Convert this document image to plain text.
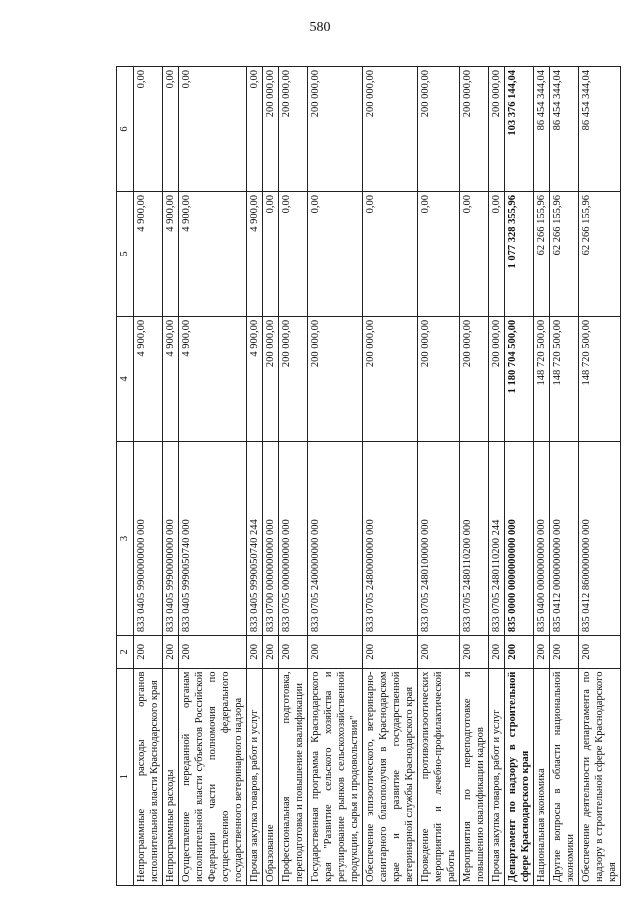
580
1	2	3	4	5	6
Непрограммные расходы органов исполнительной власти Краснодарского края	200	833 0405 9900000000 000	4 900,00	4 900,00	0,00
Непрограммные расходы	200	833 0405 9990000000 000	4 900,00	4 900,00	0,00
Осуществление переданной органам исполнительной власти субъектов Российской Федерации части полномочия по осуществлению федерального государственного ветеринарного надзора	200	833 0405 9990050740 000	4 900,00	4 900,00	0,00
Прочая закупка товаров, работ и услуг	200	833 0405 9990050740 244	4 900,00	4 900,00	0,00
Образование	200	833 0700 0000000000 000	200 000,00	0,00	200 000,00
Профессиональная подготовка, переподготовка и повышение квалификации	200	833 0705 0000000000 000	200 000,00	0,00	200 000,00
Государственная программа Краснодарского края "Развитие сельского хозяйства и регулирование рынков сельскохозяйственной продукции, сырья и продовольствия"	200	833 0705 2400000000 000	200 000,00	0,00	200 000,00
Обеспечение эпизоотического, ветеринарно-санитарного благополучия в Краснодарском крае и развитие государственной ветеринарной службы Краснодарского края	200	833 0705 2480000000 000	200 000,00	0,00	200 000,00
Проведение противоэпизоотических мероприятий и лечебно-профилактической работы	200	833 0705 2480100000 000	200 000,00	0,00	200 000,00
Мероприятия по переподготовке и повышению квалификации кадров	200	833 0705 2480110200 000	200 000,00	0,00	200 000,00
Прочая закупка товаров, работ и услуг	200	833 0705 2480110200 244	200 000,00	0,00	200 000,00
Департамент по надзору в строительной сфере Краснодарского края	200	835 0000 0000000000 000	1 180 704 500,00	1 077 328 355,96	103 376 144,04
Национальная экономика	200	835 0400 0000000000 000	148 720 500,00	62 266 155,96	86 454 344,04
Другие вопросы в области национальной экономики	200	835 0412 0000000000 000	148 720 500,00	62 266 155,96	86 454 344,04
Обеспечение деятельности департамента по надзору в строительной сфере Краснодарского края	200	835 0412 8600000000 000	148 720 500,00	62 266 155,96	86 454 344,04
